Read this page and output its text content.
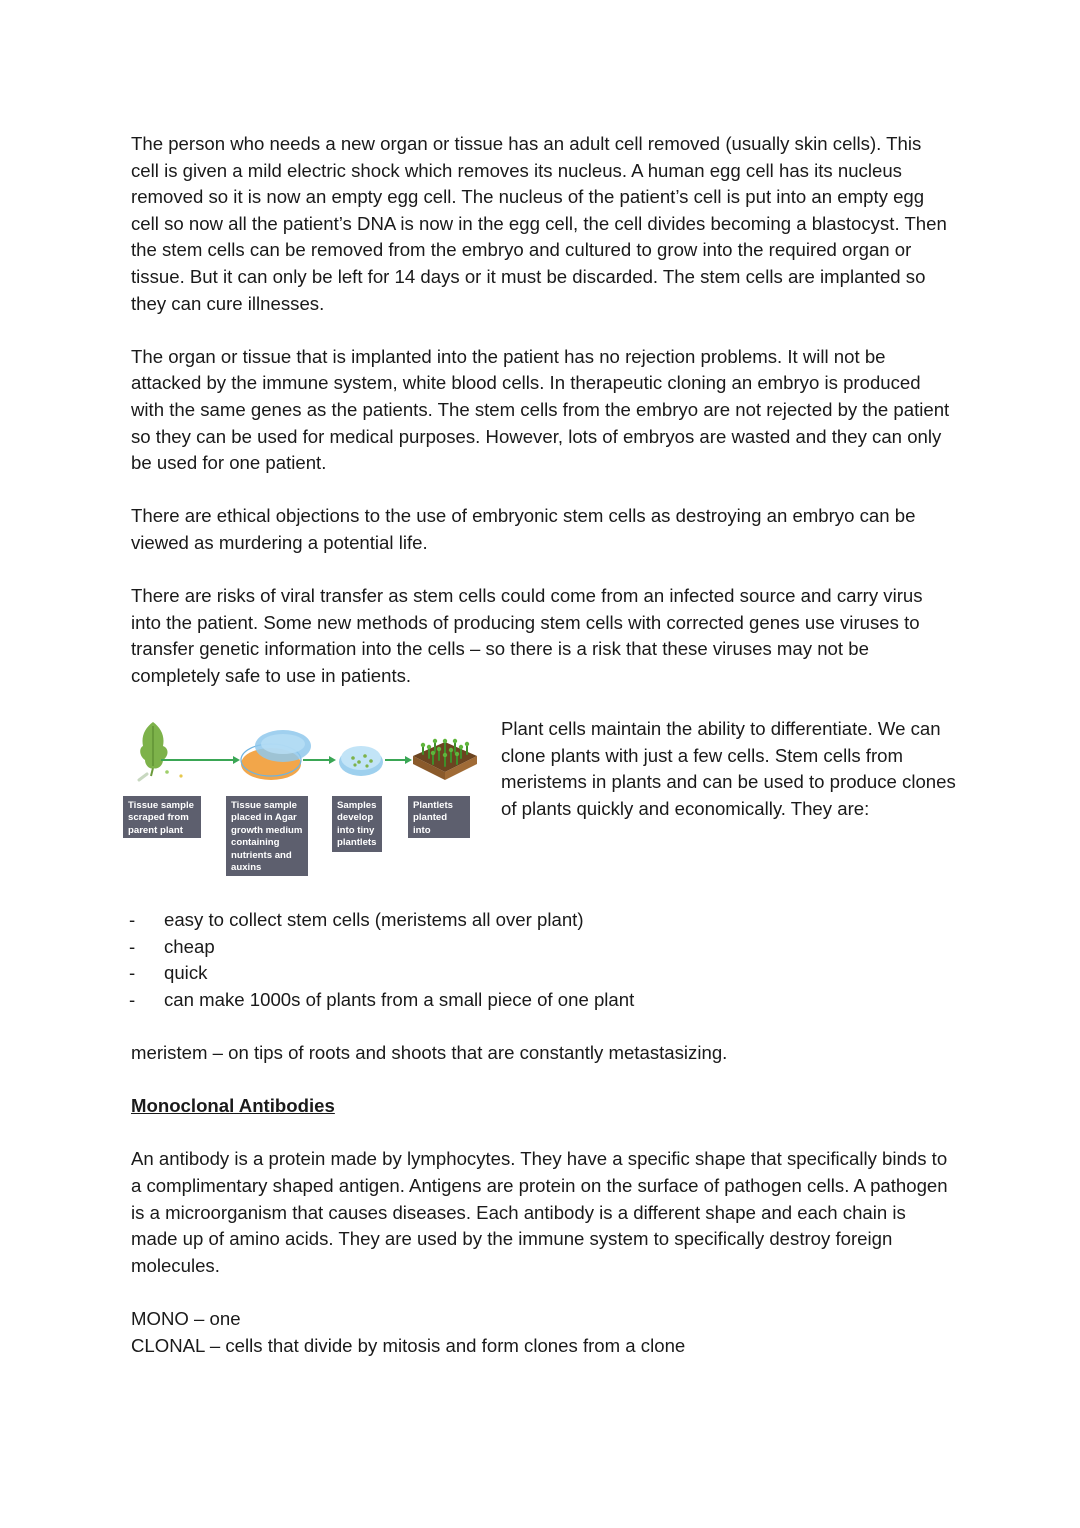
The person who needs a new organ or tissue has an adult cell removed (usually skin cells). This cell is given a mild electric shock which removes its nucleus. A human egg cell has its nucleus removed so it is now an empty egg cell. The nucleus of the patient’s cell is put into an empty egg cell so now all the patient’s DNA is now in the egg cell, the cell divides becoming a blastocyst. Then the stem cells can be removed from the embryo and cultured to grow into the required organ or tissue. But it can only be left for 14 days or it must be discarded. The stem cells are implanted so they can cure illnesses.

The organ or tissue that is implanted into the patient has no rejection problems. It will not be attacked by the immune system, white blood cells. In therapeutic cloning an embryo is produced with the same genes as the patients. The stem cells from the embryo are not rejected by the patient so they can be used for medical purposes. However, lots of embryos are wasted and they can only be used for one patient.

There are ethical objections to the use of embryonic stem cells as destroying an embryo can be viewed as murdering a potential life.

There are risks of viral transfer as stem cells could come from an infected source and carry virus into the patient. Some new methods of producing stem cells with corrected genes use viruses to transfer genetic information into the cells – so there is a risk that these viruses may not be completely safe to use in patients.

Tissue sample scraped from parent plant
Tissue sample placed in Agar growth medium containing nutrients and auxins
Samples develop into tiny plantlets
Plantlets planted into compost

Plant cells maintain the ability to differentiate. We can clone plants with just a few cells. Stem cells from meristems in plants and can be used to produce clones of plants quickly and economically. They are:

- easy to collect stem cells (meristems all over plant)
- cheap
- quick
- can make 1000s of plants from a small piece of one plant

meristem – on tips of roots and shoots that are constantly metastasizing.

Monoclonal Antibodies

An antibody is a protein made by lymphocytes. They have a specific shape that specifically binds to a complimentary shaped antigen. Antigens are protein on the surface of pathogen cells. A pathogen is a microorganism that causes diseases. Each antibody is a different shape and each chain is made up of amino acids. They are used by the immune system to specifically destroy foreign molecules.

MONO – one

CLONAL – cells that divide by mitosis and form clones from a clone
